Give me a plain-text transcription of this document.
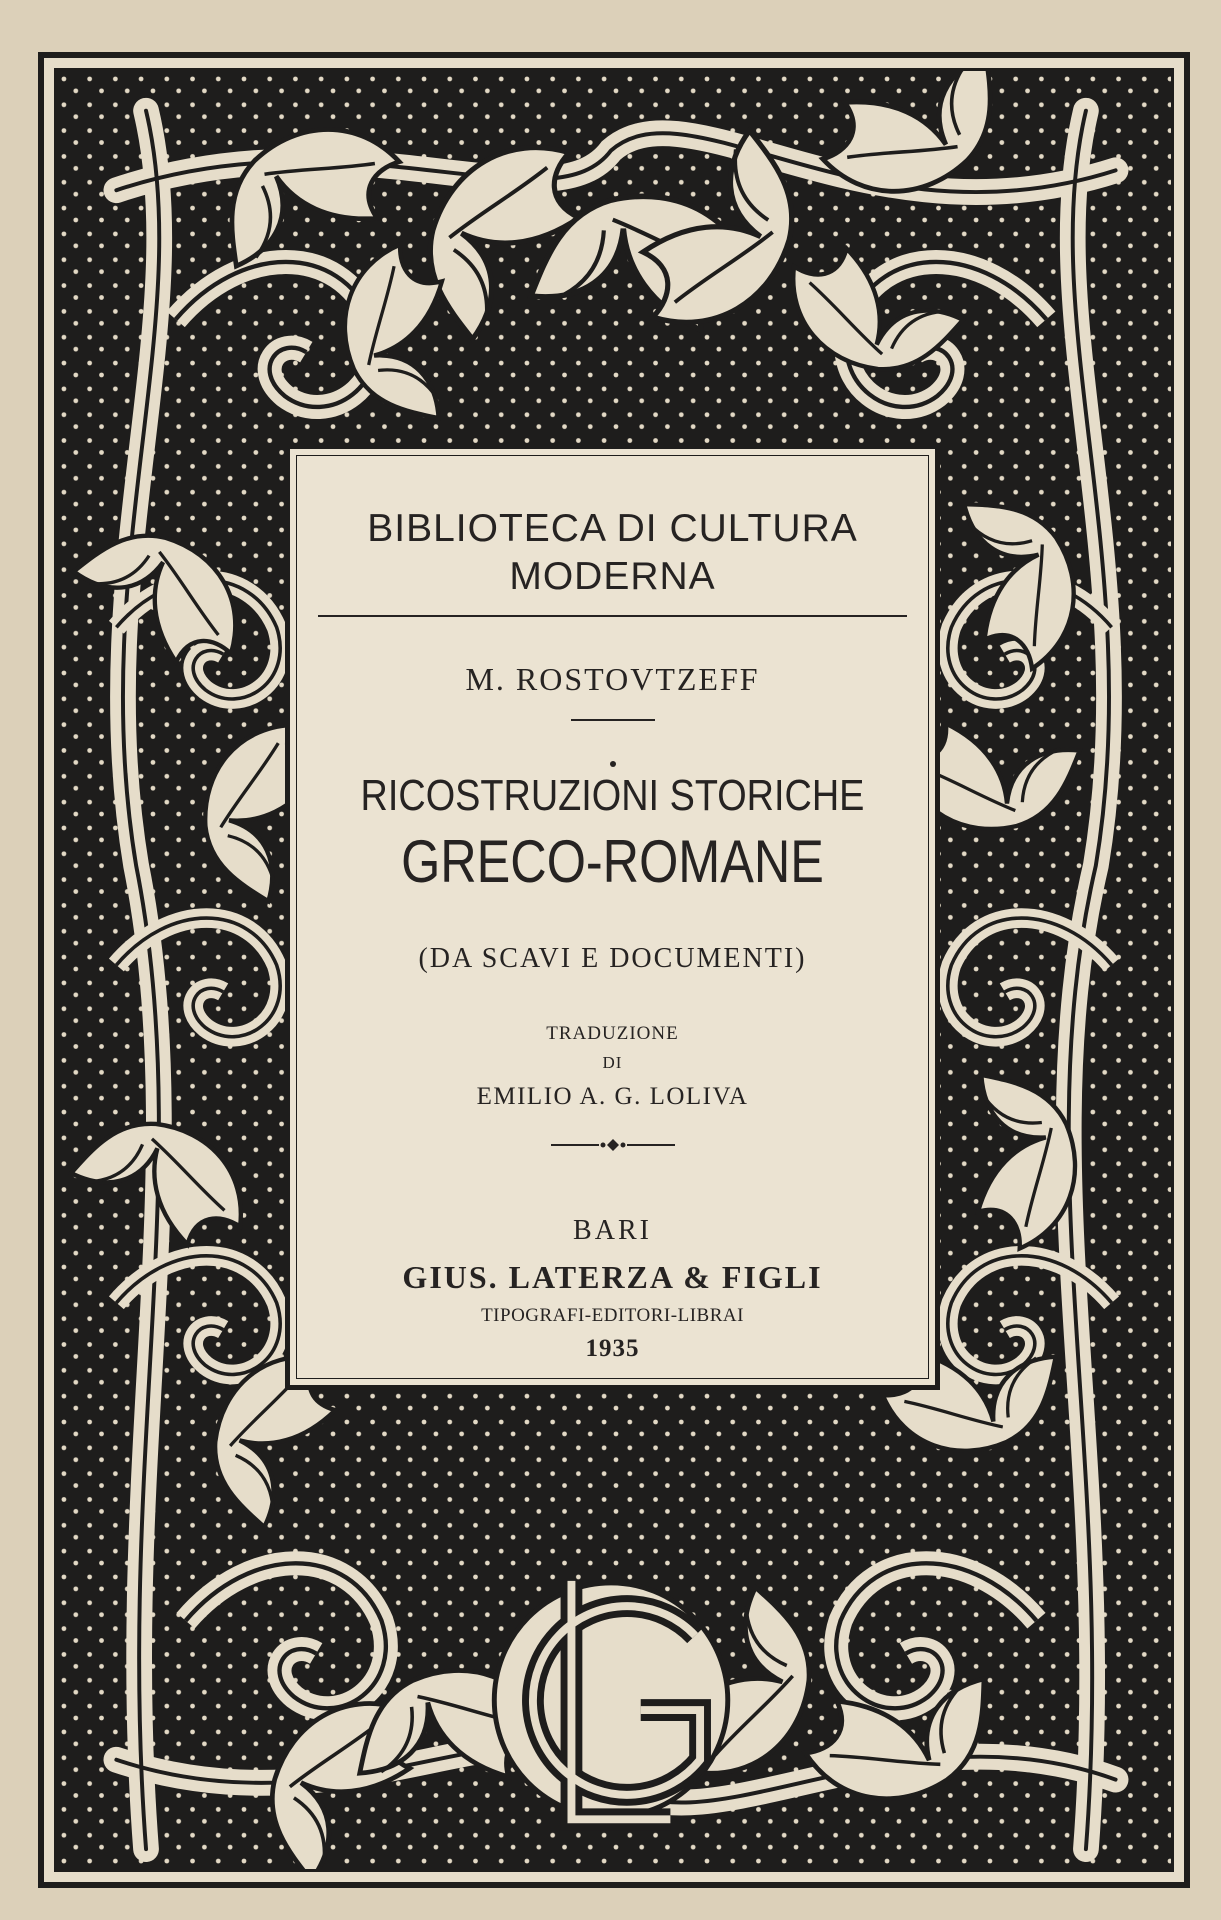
BIBLIOTECA DI CULTURA
MODERNA
M. ROSTOVTZEFF
RICOSTRUZIONI STORICHE
GRECO-ROMANE
(DA SCAVI E DOCUMENTI)
TRADUZIONE
DI
EMILIO A. G. LOLIVA
BARI
GIUS. LATERZA & FIGLI
TIPOGRAFI-EDITORI-LIBRAI
1935
